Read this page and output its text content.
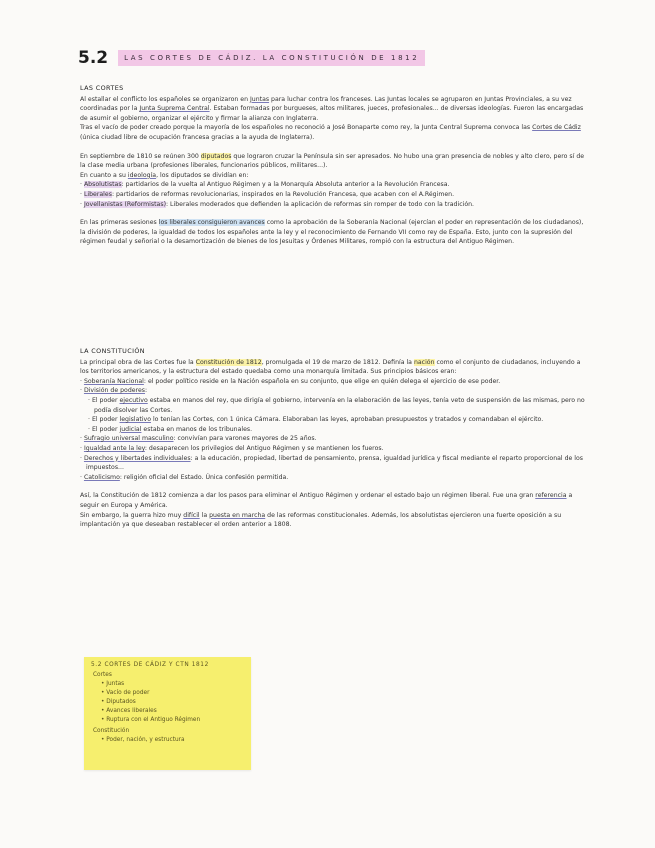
5.2	LAS CORTES DE CÁDIZ. LA CONSTITUCIÓN DE 1812
LAS CORTES

Al estallar el conflicto los españoles se organizaron en Juntas para luchar contra los franceses. Las Juntas locales se agruparon en Juntas Provinciales, a su vez coordinadas por la Junta Suprema Central. Estaban formadas por burgueses, altos militares, jueces, profesionales... de diversas ideologías. Fueron las encargadas de asumir el gobierno, organizar el ejército y firmar la alianza con Inglaterra.

Tras el vacío de poder creado porque la mayoría de los españoles no reconoció a José Bonaparte como rey, la Junta Central Suprema convoca las Cortes de Cádiz (única ciudad libre de ocupación francesa gracias a la ayuda de Inglaterra).

En septiembre de 1810 se reúnen 300 diputados que lograron cruzar la Península sin ser apresados. No hubo una gran presencia de nobles y alto clero, pero sí de la clase media urbana (profesiones liberales, funcionarios públicos, militares...).

En cuanto a su ideología, los diputados se dividían en:

· Absolutistas: partidarios de la vuelta al Antiguo Régimen y a la Monarquía Absoluta anterior a la Revolución Francesa.

· Liberales: partidarios de reformas revolucionarias, inspirados en la Revolución Francesa, que acaben con el A.Régimen.

· Jovellanistas (Reformistas): Liberales moderados que defienden la aplicación de reformas sin romper de todo con la tradición.

En las primeras sesiones los liberales consiguieron avances como la aprobación de la Soberanía Nacional (ejercían el poder en representación de los ciudadanos), la división de poderes, la igualdad de todos los españoles ante la ley y el reconocimiento de Fernando VII como rey de España. Esto, junto con la supresión del régimen feudal y señorial o la desamortización de bienes de los Jesuitas y Órdenes Militares, rompió con la estructura del Antiguo Régimen.

LA CONSTITUCIÓN

La principal obra de las Cortes fue la Constitución de 1812, promulgada el 19 de marzo de 1812. Definía la nación como el conjunto de ciudadanos, incluyendo a los territorios americanos, y la estructura del estado quedaba como una monarquía limitada. Sus principios básicos eran:

· Soberanía Nacional: el poder político reside en la Nación española en su conjunto, que elige en quién delega el ejercicio de ese poder.

· División de poderes:

· El poder ejecutivo estaba en manos del rey, que dirigía el gobierno, intervenía en la elaboración de las leyes, tenía veto de suspensión de las mismas, pero no podía disolver las Cortes.

· El poder legislativo lo tenían las Cortes, con 1 única Cámara. Elaboraban las leyes, aprobaban presupuestos y tratados y comandaban el ejército.

· El poder judicial estaba en manos de los tribunales.

· Sufragio universal masculino: convivían para varones mayores de 25 años.

· Igualdad ante la ley: desaparecen los privilegios del Antiguo Régimen y se mantienen los fueros.

· Derechos y libertades individuales: a la educación, propiedad, libertad de pensamiento, prensa, igualdad jurídica y fiscal mediante el reparto proporcional de los impuestos...

· Catolicismo: religión oficial del Estado. Única confesión permitida.

Así, la Constitución de 1812 comienza a dar los pasos para eliminar el Antiguo Régimen y ordenar el estado bajo un régimen liberal. Fue una gran referencia a seguir en Europa y América.

Sin embargo, la guerra hizo muy difícil la puesta en marcha de las reformas constitucionales. Además, los absolutistas ejercieron una fuerte oposición a su implantación ya que deseaban restablecer el orden anterior a 1808.

5.2 CORTES DE CÁDIZ Y CTN 1812
Cortes
• Juntas
• Vacío de poder
• Diputados
• Avances liberales
• Ruptura con el Antiguo Régimen
Constitución
• Poder, nación, y estructura
